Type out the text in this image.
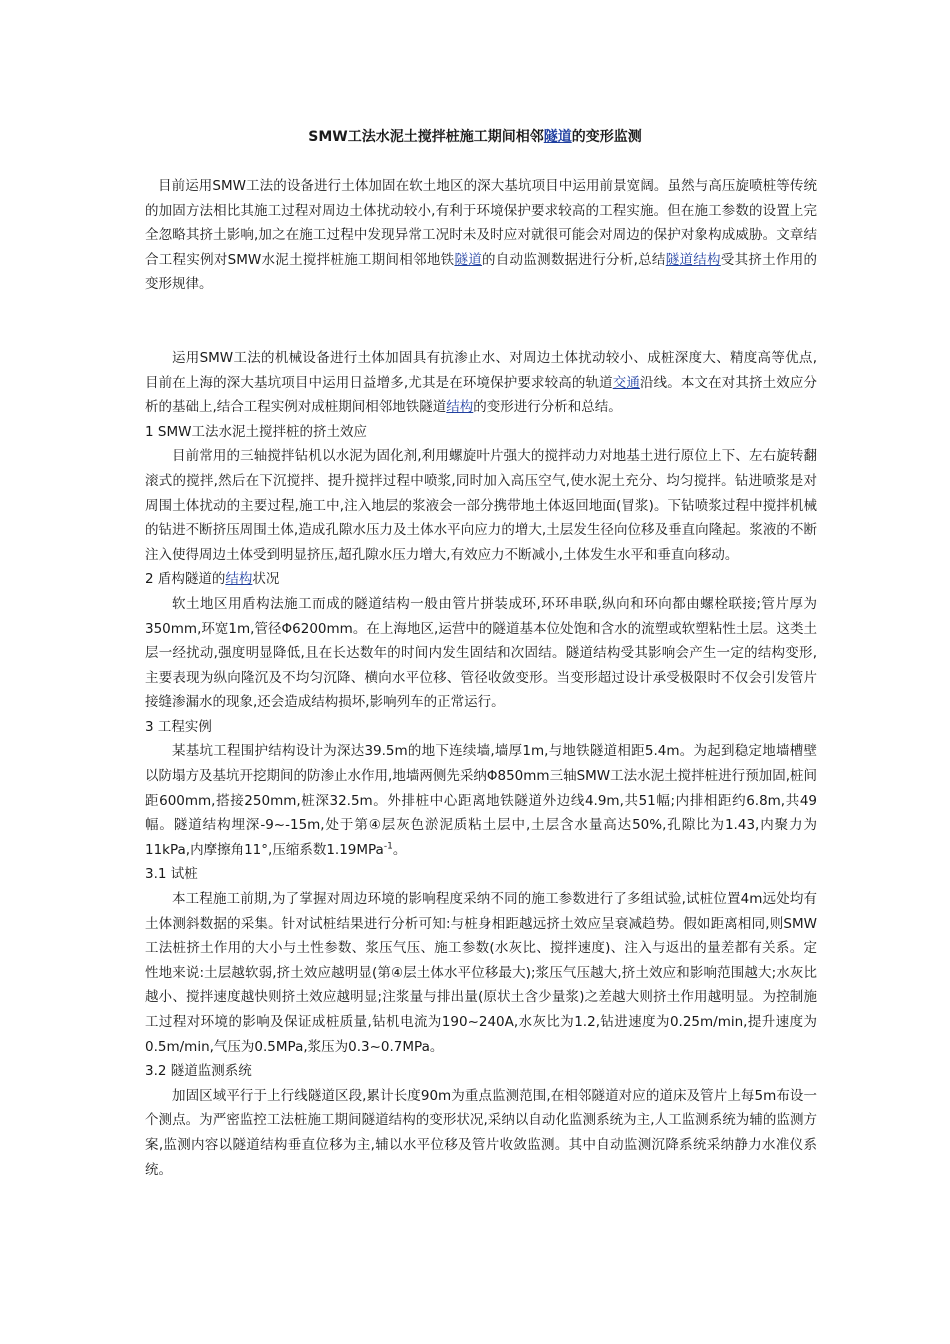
SMW工法水泥土搅拌桩施工期间相邻隧道的变形监测

目前运用SMW工法的设备进行土体加固在软土地区的深大基坑项目中运用前景宽阔。虽然与高压旋喷桩等传统的加固方法相比其施工过程对周边土体扰动较小,有利于环境保护要求较高的工程实施。但在施工参数的设置上完全忽略其挤土影响,加之在施工过程中发现异常工况时未及时应对就很可能会对周边的保护对象构成威胁。文章结合工程实例对SMW水泥土搅拌桩施工期间相邻地铁隧道的自动监测数据进行分析,总结隧道结构受其挤土作用的变形规律。

运用SMW工法的机械设备进行土体加固具有抗渗止水、对周边土体扰动较小、成桩深度大、精度高等优点,目前在上海的深大基坑项目中运用日益增多,尤其是在环境保护要求较高的轨道交通沿线。本文在对其挤土效应分析的基础上,结合工程实例对成桩期间相邻地铁隧道结构的变形进行分析和总结。

1 SMW工法水泥土搅拌桩的挤土效应

目前常用的三轴搅拌钻机以水泥为固化剂,利用螺旋叶片强大的搅拌动力对地基土进行原位上下、左右旋转翻滚式的搅拌,然后在下沉搅拌、提升搅拌过程中喷浆,同时加入高压空气,使水泥土充分、均匀搅拌。钻进喷浆是对周围土体扰动的主要过程,施工中,注入地层的浆液会一部分携带地土体返回地面(冒浆)。下钻喷浆过程中搅拌机械的钻进不断挤压周围土体,造成孔隙水压力及土体水平向应力的增大,土层发生径向位移及垂直向隆起。浆液的不断注入使得周边土体受到明显挤压,超孔隙水压力增大,有效应力不断减小,土体发生水平和垂直向移动。

2 盾构隧道的结构状况

软土地区用盾构法施工而成的隧道结构一般由管片拼装成环,环环串联,纵向和环向都由螺栓联接;管片厚为350mm,环宽1m,管径Φ6200mm。在上海地区,运营中的隧道基本位处饱和含水的流塑或软塑粘性土层。这类土层一经扰动,强度明显降低,且在长达数年的时间内发生固结和次固结。隧道结构受其影响会产生一定的结构变形,主要表现为纵向隆沉及不均匀沉降、横向水平位移、管径收敛变形。当变形超过设计承受极限时不仅会引发管片接缝渗漏水的现象,还会造成结构损坏,影响列车的正常运行。

3 工程实例

某基坑工程围护结构设计为深达39.5m的地下连续墙,墙厚1m,与地铁隧道相距5.4m。为起到稳定地墙槽壁以防塌方及基坑开挖期间的防渗止水作用,地墙两侧先采纳Φ850mm三轴SMW工法水泥土搅拌桩进行预加固,桩间距600mm,搭接250mm,桩深32.5m。外排桩中心距离地铁隧道外边线4.9m,共51幅;内排相距约6.8m,共49幅。隧道结构埋深-9~-15m,处于第④层灰色淤泥质粘土层中,土层含水量高达50%,孔隙比为1.43,内聚力为11kPa,内摩擦角11°,压缩系数1.19MPa$^{-1}$。

3.1 试桩

本工程施工前期,为了掌握对周边环境的影响程度采纳不同的施工参数进行了多组试验,试桩位置4m远处均有土体测斜数据的采集。针对试桩结果进行分析可知:与桩身相距越远挤土效应呈衰减趋势。假如距离相同,则SMW工法桩挤土作用的大小与土性参数、浆压气压、施工参数(水灰比、搅拌速度)、注入与返出的量差都有关系。定性地来说:土层越软弱,挤土效应越明显(第④层土体水平位移最大);浆压气压越大,挤土效应和影响范围越大;水灰比越小、搅拌速度越快则挤土效应越明显;注浆量与排出量(原状土含少量浆)之差越大则挤土作用越明显。为控制施工过程对环境的影响及保证成桩质量,钻机电流为190~240A,水灰比为1.2,钻进速度为0.25m/min,提升速度为0.5m/min,气压为0.5MPa,浆压为0.3~0.7MPa。

3.2 隧道监测系统

加固区域平行于上行线隧道区段,累计长度90m为重点监测范围,在相邻隧道对应的道床及管片上每5m布设一个测点。为严密监控工法桩施工期间隧道结构的变形状况,采纳以自动化监测系统为主,人工监测系统为辅的监测方案,监测内容以隧道结构垂直位移为主,辅以水平位移及管片收敛监测。其中自动监测沉降系统采纳静力水准仪系统。
